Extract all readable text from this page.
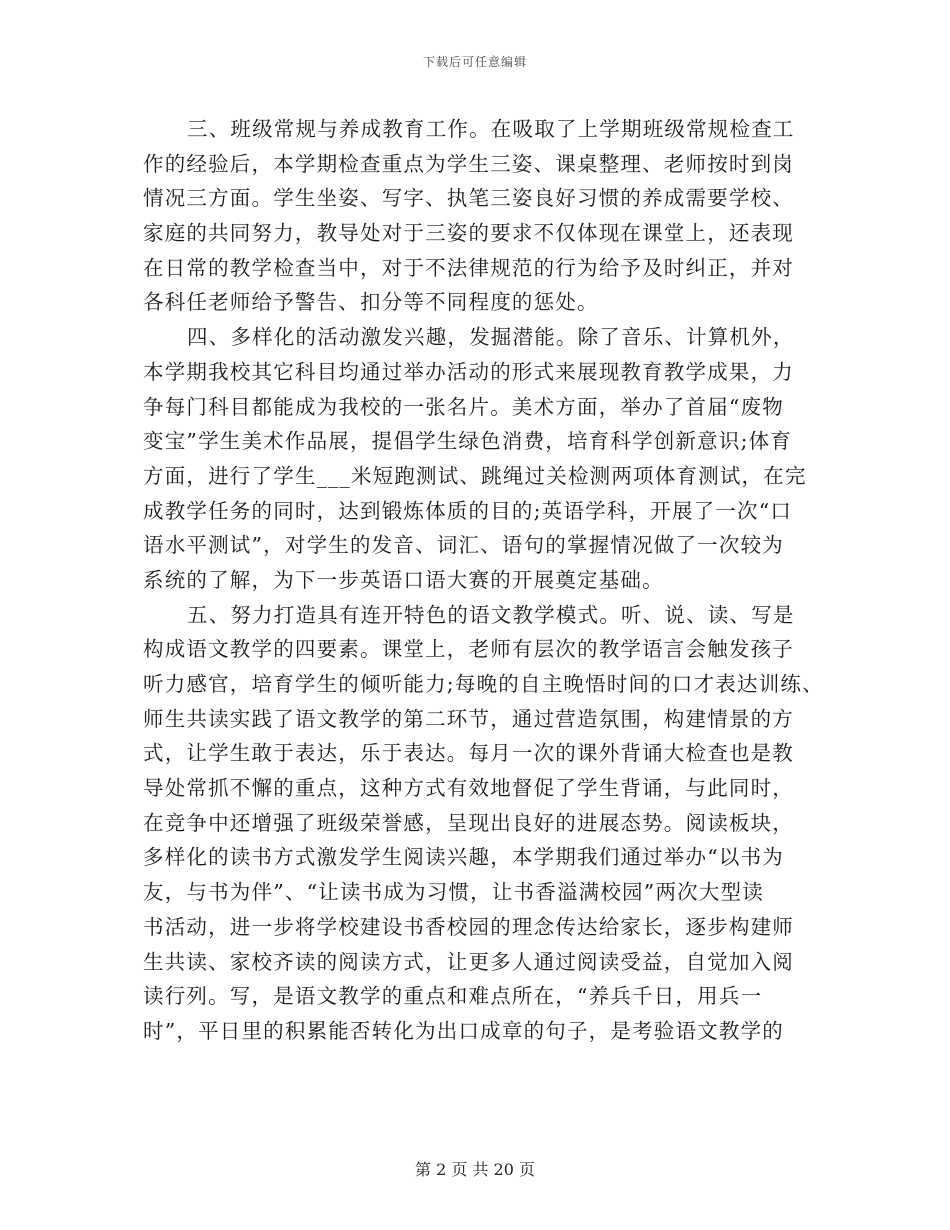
下载后可任意编辑
三、班级常规与养成教育工作。在吸取了上学期班级常规检查工
作的经验后，本学期检查重点为学生三姿、课桌整理、老师按时到岗
情况三方面。学生坐姿、写字、执笔三姿良好习惯的养成需要学校、
家庭的共同努力，教导处对于三姿的要求不仅体现在课堂上，还表现
在日常的教学检查当中，对于不法律规范的行为给予及时纠正，并对
各科任老师给予警告、扣分等不同程度的惩处。
四、多样化的活动激发兴趣，发掘潜能。除了音乐、计算机外，
本学期我校其它科目均通过举办活动的形式来展现教育教学成果，力
争每门科目都能成为我校的一张名片。美术方面，举办了首届“废物
变宝”学生美术作品展，提倡学生绿色消费，培育科学创新意识;体育
方面，进行了学生___米短跑测试、跳绳过关检测两项体育测试，在完
成教学任务的同时，达到锻炼体质的目的;英语学科，开展了一次“口
语水平测试”，对学生的发音、词汇、语句的掌握情况做了一次较为
系统的了解，为下一步英语口语大赛的开展奠定基础。
五、努力打造具有连开特色的语文教学模式。听、说、读、写是
构成语文教学的四要素。课堂上，老师有层次的教学语言会触发孩子
听力感官，培育学生的倾听能力;每晚的自主晚悟时间的口才表达训练、
师生共读实践了语文教学的第二环节，通过营造氛围，构建情景的方
式，让学生敢于表达，乐于表达。每月一次的课外背诵大检查也是教
导处常抓不懈的重点，这种方式有效地督促了学生背诵，与此同时，
在竞争中还增强了班级荣誉感，呈现出良好的进展态势。阅读板块，
多样化的读书方式激发学生阅读兴趣，本学期我们通过举办“以书为
友，与书为伴”、“让读书成为习惯，让书香溢满校园”两次大型读
书活动，进一步将学校建设书香校园的理念传达给家长，逐步构建师
生共读、家校齐读的阅读方式，让更多人通过阅读受益，自觉加入阅
读行列。写，是语文教学的重点和难点所在，“养兵千日，用兵一
时”，平日里的积累能否转化为出口成章的句子，是考验语文教学的
第 2 页 共 20 页
